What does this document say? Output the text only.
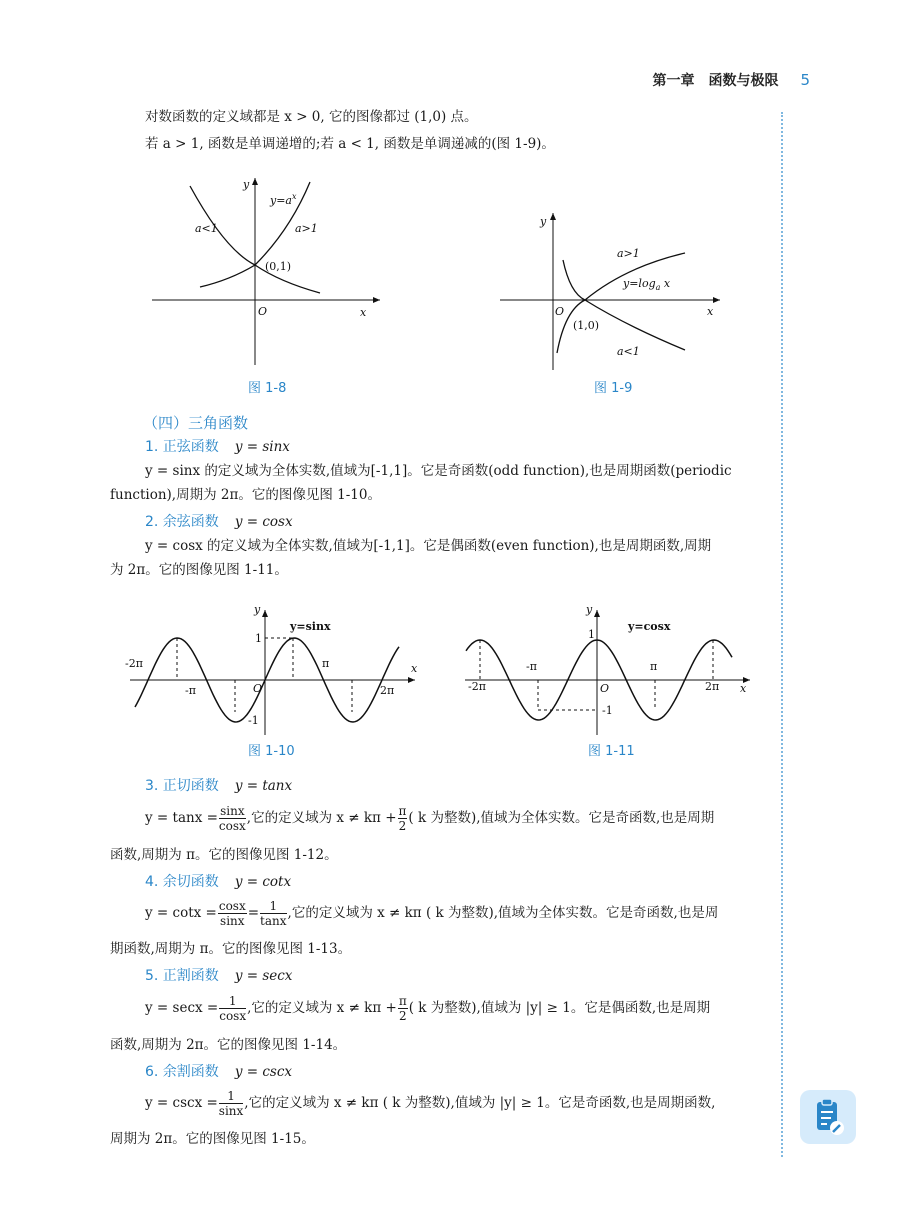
第一章　函数与极限 5
对数函数的定义域都是 x > 0, 它的图像都过 (1,0) 点。
若 a > 1, 函数是单调递增的;若 a < 1, 函数是单调递减的(图 1-9)。
y
x
O
$y=a^x$
a<1	a>1
(0,1)
图 1-8
y
x
O
a>1
$y=\log_a$ x
(1,0)
a<1
图 1-9
（四）三角函数
1. 正弦函数 y = sinx
y = sinx 的定义域为全体实数,值域为[-1,1]。它是奇函数(odd function),也是周期函数(periodic
function),周期为 2π。它的图像见图 1-10。
2. 余弦函数 y = cosx
y = cosx 的定义域为全体实数,值域为[-1,1]。它是偶函数(even function),也是周期函数,周期
为 2π。它的图像见图 1-11。
y
y=sinx
1
-1
-2π
-π
π
2π
O
x
图 1-10
y
y=cosx
1
-1
-2π
-π	π
2π
O	x
图 1-11
3. 正切函数 y = tanx
$y = \tan x = \frac{\sin x}{\cos x}$ ,它的定义域为 $x \ne k\pi + \frac{\pi}{2}$ ( k 为整数),值域为全体实数。它是奇函数,也是周期
函数,周期为 π。它的图像见图 1-12。
4. 余切函数 y = cotx
$y = \cot x = \frac{\cos x}{\sin x} = \frac{1}{\tan x}$ ,它的定义域为 x ≠ kπ ( k 为整数),值域为全体实数。它是奇函数,也是周
期函数,周期为 π。它的图像见图 1-13。
5. 正割函数 y = secx
$y = \sec x = \frac{1}{\cos x}$ ,它的定义域为 $x \ne k\pi + \frac{\pi}{2}$ ( k 为整数),值域为 |y| ≥ 1。它是偶函数,也是周期
函数,周期为 2π。它的图像见图 1-14。
6. 余割函数 y = cscx
$y = \csc x = \frac{1}{\sin x}$ ,它的定义域为 x ≠ kπ ( k 为整数),值域为 |y| ≥ 1。它是奇函数,也是周期函数,
周期为 2π。它的图像见图 1-15。
